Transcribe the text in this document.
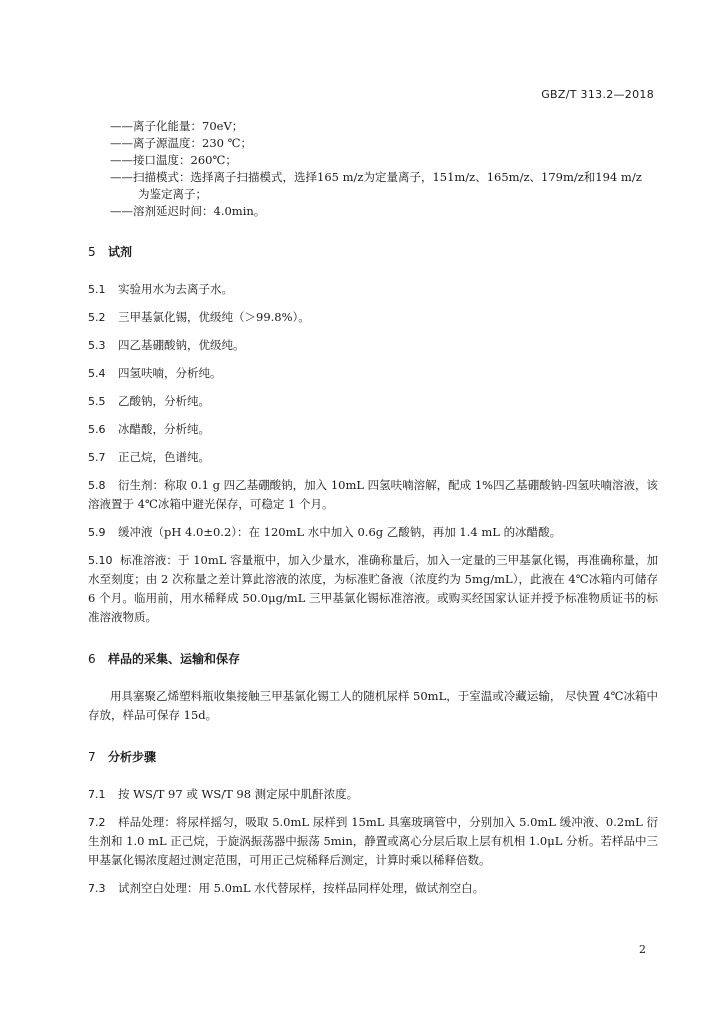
GBZ/T 313.2—2018
——离子化能量：70eV；
——离子源温度：230 ℃；
——接口温度：260℃；
——扫描模式：选择离子扫描模式，选择165 m/z为定量离子，151m/z、165m/z、179m/z和194 m/z
为鉴定离子；
——溶剂延迟时间：4.0min。
5 试剂
5.1 实验用水为去离子水。
5.2 三甲基氯化锡，优级纯（＞99.8%）。
5.3 四乙基硼酸钠，优级纯。
5.4 四氢呋喃，分析纯。
5.5 乙酸钠，分析纯。
5.6 冰醋酸，分析纯。
5.7 正己烷，色谱纯。
5.8 衍生剂：称取 0.1 g 四乙基硼酸钠，加入 10mL 四氢呋喃溶解，配成 1%四乙基硼酸钠-四氢呋喃溶液，该溶液置于 4℃冰箱中避光保存，可稳定 1 个月。
5.9 缓冲液（pH 4.0±0.2）：在 120mL 水中加入 0.6g 乙酸钠，再加 1.4 mL 的冰醋酸。
5.10 标准溶液：于 10mL 容量瓶中，加入少量水，准确称量后，加入一定量的三甲基氯化锡，再准确称量，加水至刻度；由 2 次称量之差计算此溶液的浓度，为标准贮备液（浓度约为 5mg/mL），此液在 4℃冰箱内可储存 6 个月。临用前，用水稀释成 50.0μg/mL 三甲基氯化锡标准溶液。或购买经国家认证并授予标准物质证书的标准溶液物质。
6 样品的采集、运输和保存
用具塞聚乙烯塑料瓶收集接触三甲基氯化锡工人的随机尿样 50mL，于室温或冷藏运输， 尽快置 4℃冰箱中存放，样品可保存 15d。
7 分析步骤
7.1 按 WS/T 97 或 WS/T 98 测定尿中肌酐浓度。
7.2 样品处理：将尿样摇匀，吸取 5.0mL 尿样到 15mL 具塞玻璃管中，分别加入 5.0mL 缓冲液、0.2mL 衍生剂和 1.0 mL 正己烷，于旋涡振荡器中振荡 5min，静置或离心分层后取上层有机相 1.0μL 分析。若样品中三甲基氯化锡浓度超过测定范围，可用正己烷稀释后测定，计算时乘以稀释倍数。
7.3 试剂空白处理：用 5.0mL 水代替尿样，按样品同样处理，做试剂空白。
2
